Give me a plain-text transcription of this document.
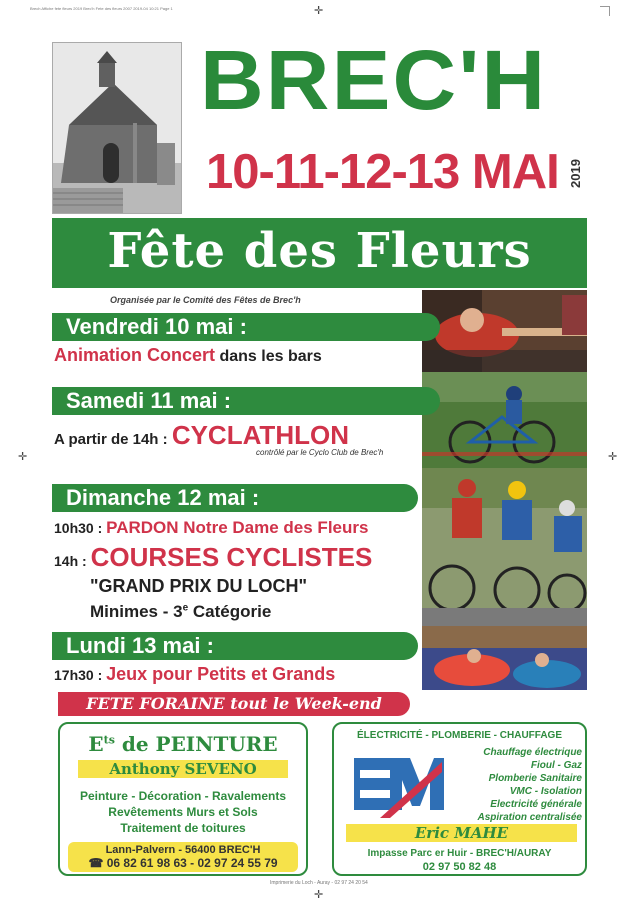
Brech Affiche fete fleurs 2019 Brec'h Fete des fleurs 2007 2019-04 10:21 Page 1	✛
✛	✛
✛
BREC'H
10-11-12-13 MAI 2019
Fête des Fleurs
Organisée par le Comité des Fêtes de Brec'h
Vendredi 10 mai :
Animation Concert dans les bars
Samedi 11 mai :
A partir de 14h : CYCLATHLON
contrôlé par le Cyclo Club de Brec'h
Dimanche 12 mai :
10h30 : PARDON Notre Dame des Fleurs
14h : COURSES CYCLISTES
"GRAND PRIX DU LOCH"
Minimes - 3e Catégorie
Lundi 13 mai :
17h30 : Jeux pour Petits et Grands
FETE FORAINE tout le Week-end
$E^{ts}$ de PEINTURE
Anthony SEVENO
Peinture - Décoration - Ravalements
Revêtements Murs et Sols
Traitement de toitures
Lann-Palvern - 56400 BREC'H
☎ 06 82 61 98 63 - 02 97 24 55 79
ÉLECTRICITÉ - PLOMBERIE - CHAUFFAGE
Chauffage électrique
Fioul - Gaz
Plomberie Sanitaire
VMC - Isolation
Electricité générale
Aspiration centralisée
Eric MAHE
Impasse Parc er Huir - BREC'H/AURAY
02 97 50 82 48
Imprimerie du Loch - Auray - 02 97 24 20 54
